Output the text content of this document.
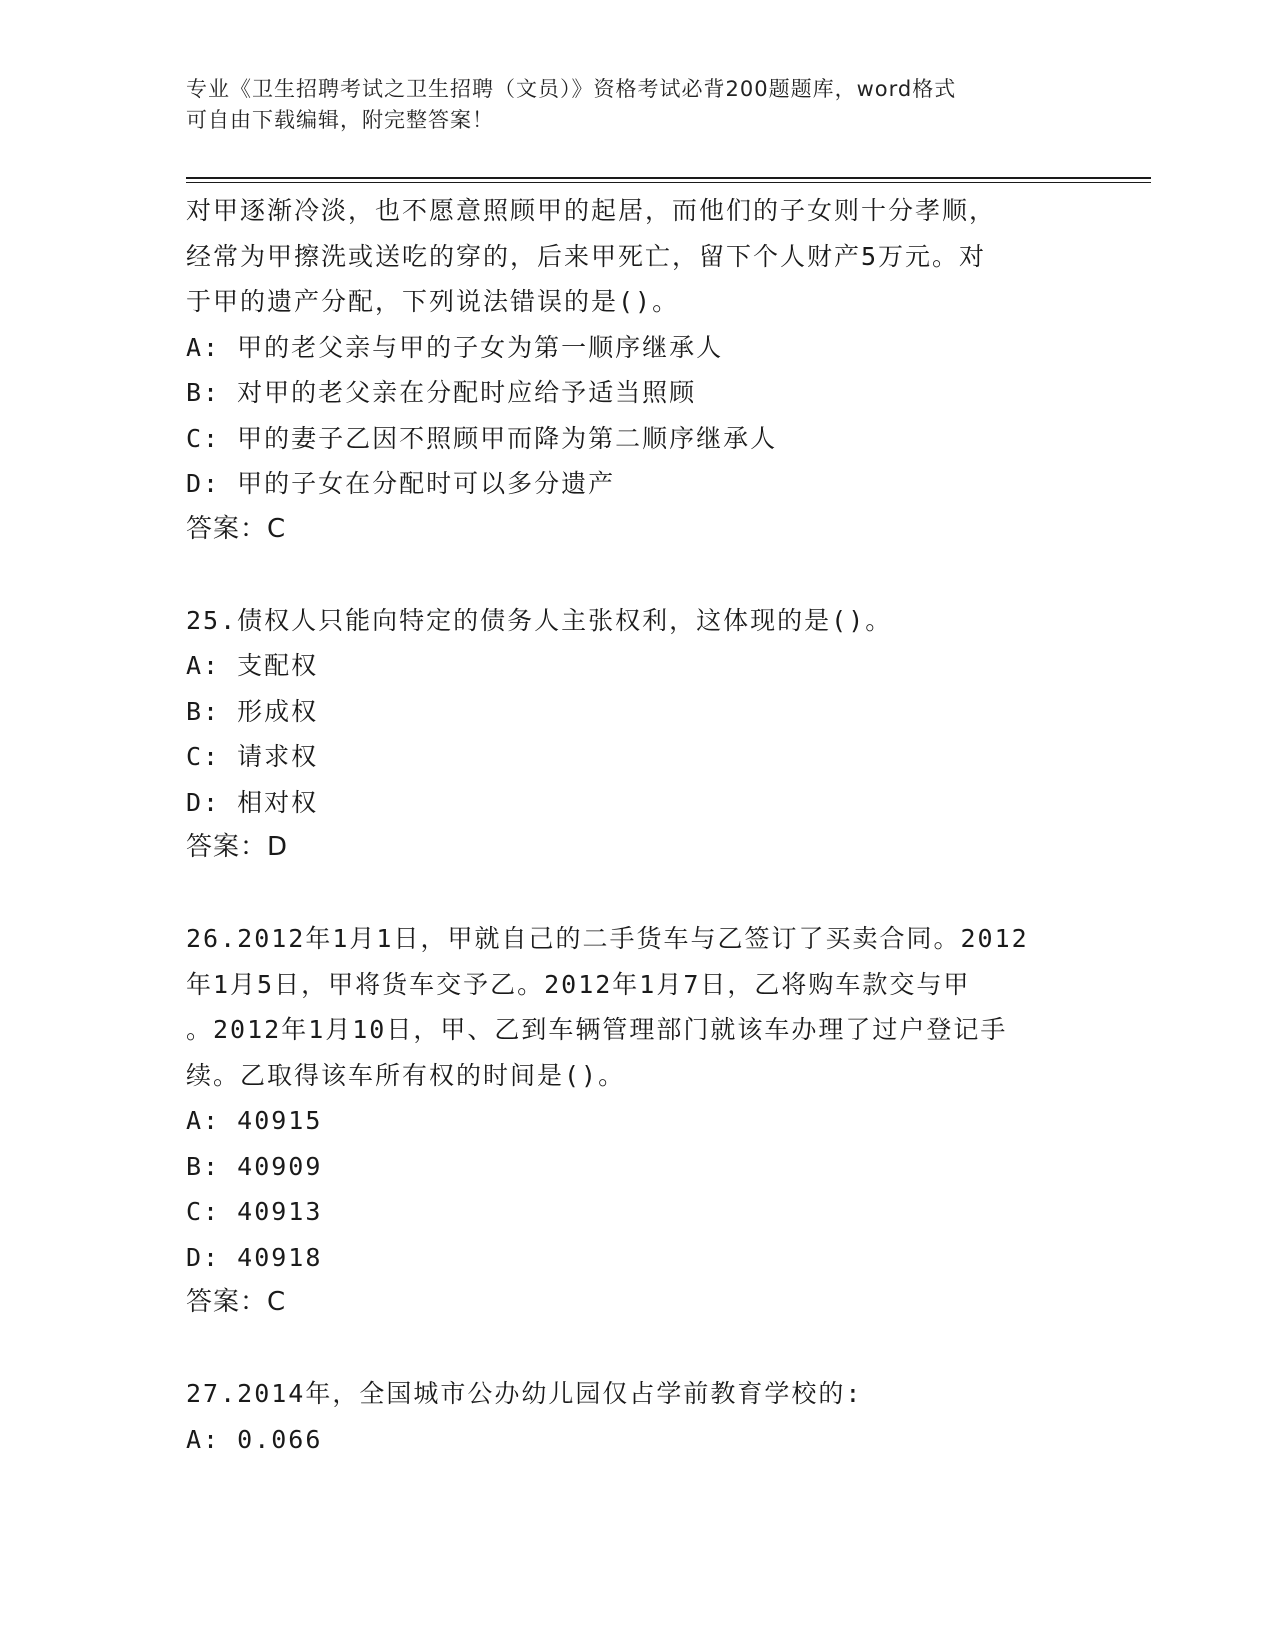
专业《卫生招聘考试之卫生招聘（文员）》资格考试必背200题题库，word格式
可自由下载编辑，附完整答案！
对甲逐渐冷淡，也不愿意照顾甲的起居，而他们的子女则十分孝顺，
经常为甲擦洗或送吃的穿的，后来甲死亡，留下个人财产5万元。对
于甲的遗产分配，下列说法错误的是()。
A: 甲的老父亲与甲的子女为第一顺序继承人
B: 对甲的老父亲在分配时应给予适当照顾
C: 甲的妻子乙因不照顾甲而降为第二顺序继承人
D: 甲的子女在分配时可以多分遗产
答案：C
25.债权人只能向特定的债务人主张权利，这体现的是()。
A: 支配权
B: 形成权
C: 请求权
D: 相对权
答案：D
26.2012年1月1日，甲就自己的二手货车与乙签订了买卖合同。2012
年1月5日，甲将货车交予乙。2012年1月7日，乙将购车款交与甲
。2012年1月10日，甲、乙到车辆管理部门就该车办理了过户登记手
续。乙取得该车所有权的时间是()。
A: 40915
B: 40909
C: 40913
D: 40918
答案：C
27.2014年，全国城市公办幼儿园仅占学前教育学校的:
A: 0.066
